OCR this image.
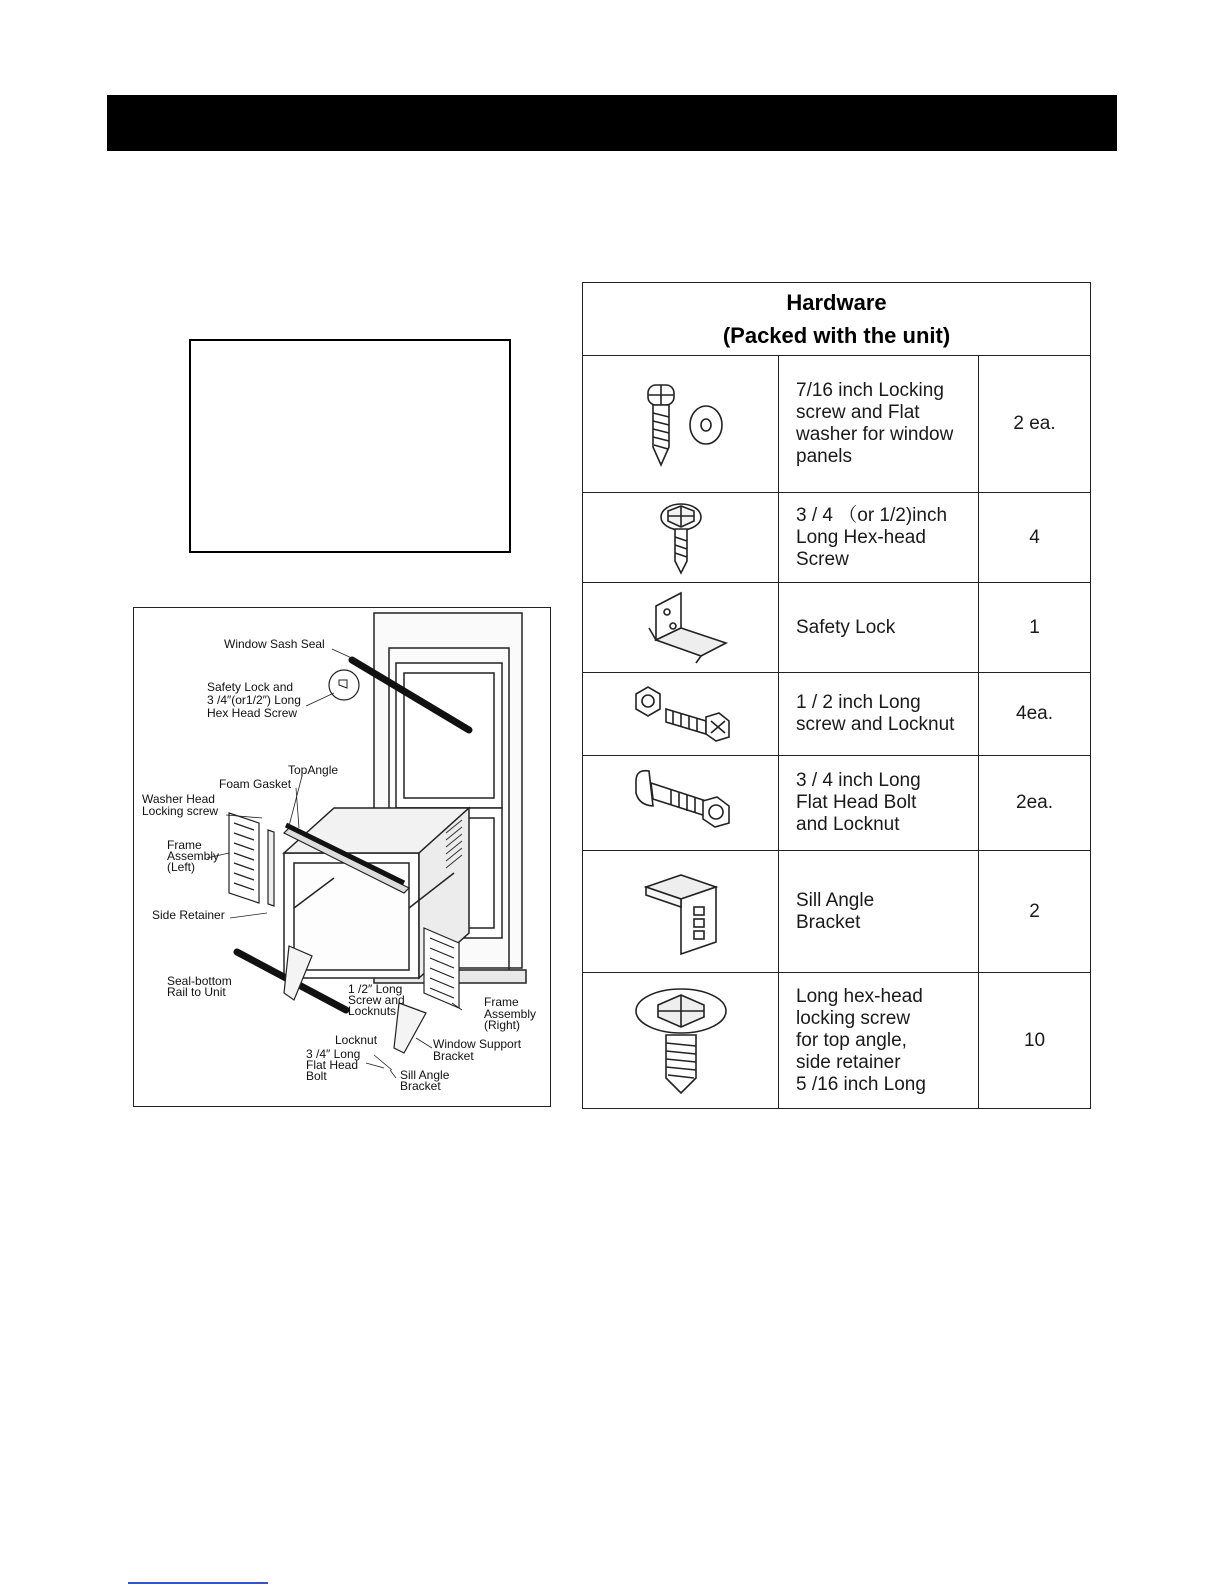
Window Sash Seal
Safety Lock and
3 /4″(or1/2″) Long
Hex Head Screw
TopAngle
Foam Gasket
Washer Head
Locking screw
Frame
Assembly
(Left)
Side Retainer
Seal-bottom
Rail to Unit	1 /2″ Long
Screw and
Locknuts
Frame
Assembly
(Right)
Locknut
3 /4″ Long
Flat Head
Bolt
Window Support
Bracket
Sill Angle
Bracket
Hardware
(Packed with the unit)		

7/16 inch Locking
screw and Flat
washer for window
panels	2 ea.

3 / 4 （or 1/2)inch
Long Hex-head
Screw	4

Safety Lock	1

1 / 2 inch Long
screw and Locknut	4ea.

3 / 4 inch Long
Flat Head Bolt
and Locknut	2ea.

Sill Angle
Bracket	2

Long hex-head
locking screw
for top angle,
side retainer
5 /16 inch Long	10
